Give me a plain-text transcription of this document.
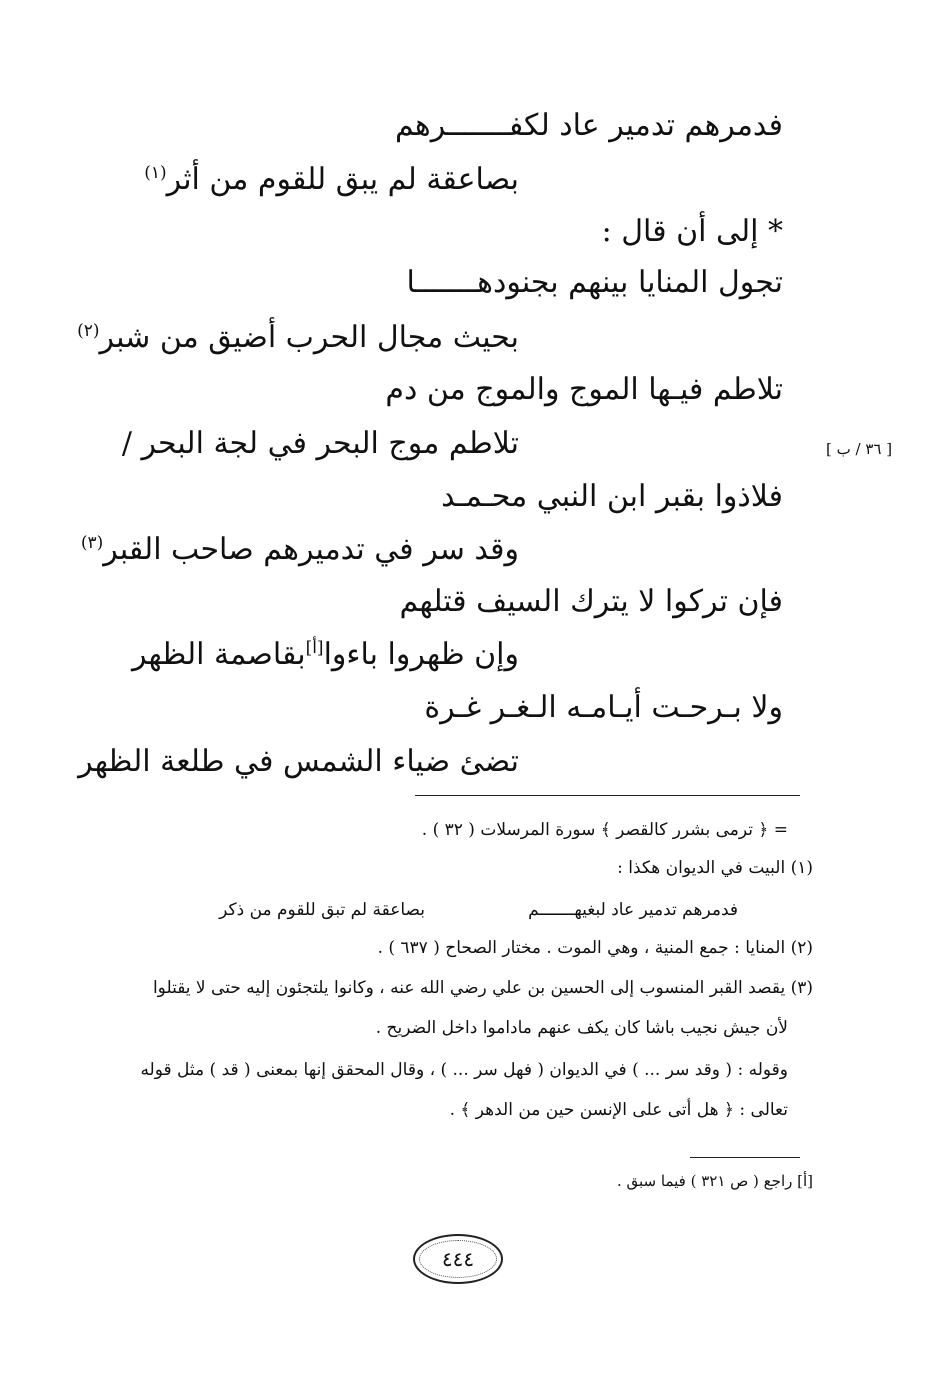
فدمرهم تدمير عاد لكفـــــــرهم
بصاعقة لم يبق للقوم من أثر$^{(١)}$
* إلى أن قال :
تجول المنايا بينهم بجنودهـــــــا
بحيث مجال الحرب أضيق من شبر$^{(٢)}$
تلاطم فيـها الموج والموج من دم
تلاطم موج البحر في لجة البحر /
فلاذوا بقبر ابن النبي محـمـد
وقد سر في تدميرهم صاحب القبر$^{(٣)}$
فإن تركوا لا يترك السيف قتلهم
وإن ظهروا باءوا[أ]بقاصمة الظهر
ولا بـرحـت أيـامـه الـغـر غـرة
تضئ ضياء الشمس في طلعة الظهر
[ ٣٦ / ب ]
= ﴿ ترمى بشرر كالقصر ﴾ سورة المرسلات ( ٣٢ ) .
(١) البيت في الديوان هكذا :
فدمرهم تدمير عاد لبغيهـــــــم
بصاعقة لم تبق للقوم من ذكر
(٢) المنايا : جمع المنية ، وهي الموت . مختار الصحاح ( ٦٣٧ ) .
(٣) يقصد القبر المنسوب إلى الحسين بن علي رضي الله عنه ، وكانوا يلتجئون إليه حتى لا يقتلوا
لأن جيش نجيب باشا كان يكف عنهم ماداموا داخل الضريح .
وقوله : ( وقد سر ... ) في الديوان ( فهل سر ... ) ، وقال المحقق إنها بمعنى ( قد ) مثل قوله
تعالى : ﴿ هل أتى على الإنسن حين من الدهر ﴾ .
[أ] راجع ( ص ٣٢١ ) فيما سبق .
٤٤٤
